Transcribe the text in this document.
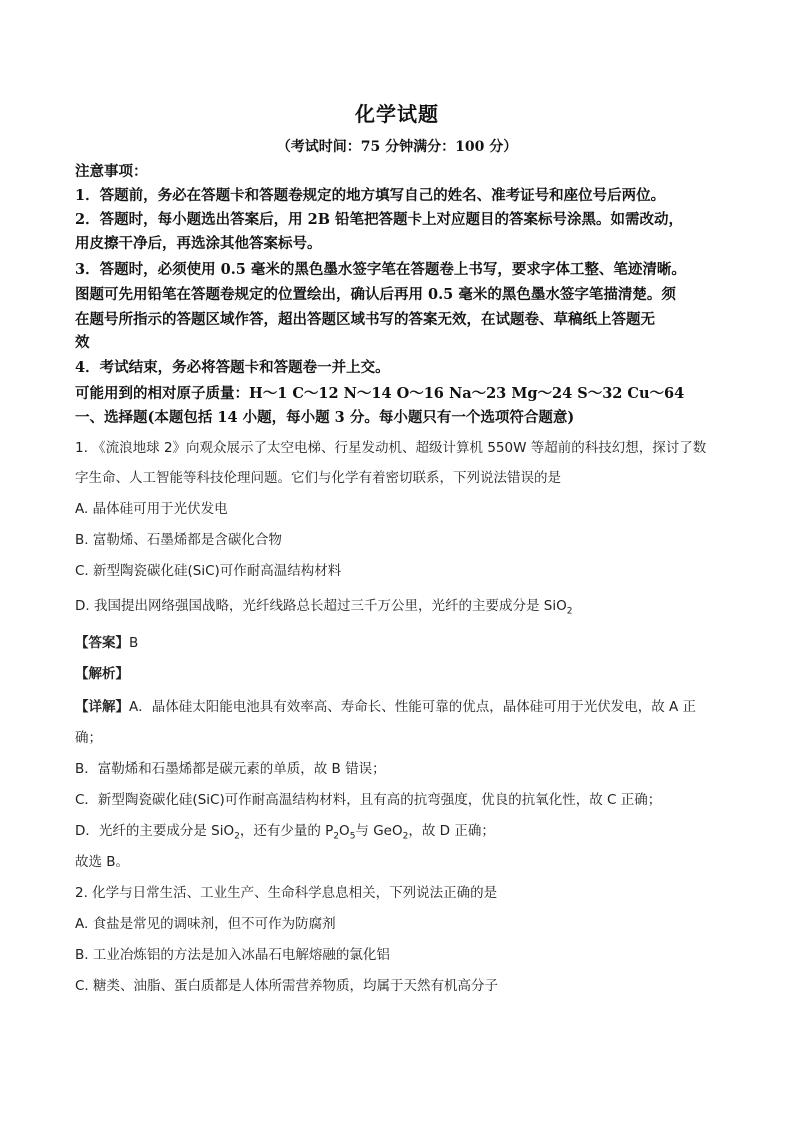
化学试题
（考试时间：75 分钟满分：100 分）
注意事项：
1．答题前，务必在答题卡和答题卷规定的地方填写自己的姓名、准考证号和座位号后两位。
2．答题时，每小题选出答案后，用 2B 铅笔把答题卡上对应题目的答案标号涂黑。如需改动，
用皮擦干净后，再选涂其他答案标号。
3．答题时，必须使用 0.5 毫米的黑色墨水签字笔在答题卷上书写，要求字体工整、笔迹清晰。
图题可先用铅笔在答题卷规定的位置绘出，确认后再用 0.5 毫米的黑色墨水签字笔描清楚。须
在题号所指示的答题区域作答，超出答题区域书写的答案无效，在试题卷、草稿纸上答题无
效
4．考试结束，务必将答题卡和答题卷一并上交。
可能用到的相对原子质量：H～1 C～12 N～14 O～16 Na～23 Mg～24 S～32 Cu～64
一、选择题(本题包括 14 小题，每小题 3 分。每小题只有一个选项符合题意)
1. 《流浪地球 2》向观众展示了太空电梯、行星发动机、超级计算机 550W 等超前的科技幻想，探讨了数
字生命、人工智能等科技伦理问题。它们与化学有着密切联系，下列说法错误的是
A. 晶体硅可用于光伏发电
B. 富勒烯、石墨烯都是含碳化合物
C. 新型陶瓷碳化硅(SiC)可作耐高温结构材料
D. 我国提出网络强国战略，光纤线路总长超过三千万公里，光纤的主要成分是 SiO$_2$
【答案】B
【解析】
【详解】A．晶体硅太阳能电池具有效率高、寿命长、性能可靠的优点，晶体硅可用于光伏发电，故 A 正
确；
B．富勒烯和石墨烯都是碳元素的单质，故 B 错误；
C．新型陶瓷碳化硅(SiC)可作耐高温结构材料，且有高的抗弯强度，优良的抗氧化性，故 C 正确；
D．光纤的主要成分是 SiO$_2$，还有少量的 $P_2O_5$与 GeO$_2$，故 D 正确；
故选 B。
2. 化学与日常生活、工业生产、生命科学息息相关，下列说法正确的是
A. 食盐是常见的调味剂，但不可作为防腐剂
B. 工业冶炼铝的方法是加入冰晶石电解熔融的氯化铝
C. 糖类、油脂、蛋白质都是人体所需营养物质，均属于天然有机高分子
